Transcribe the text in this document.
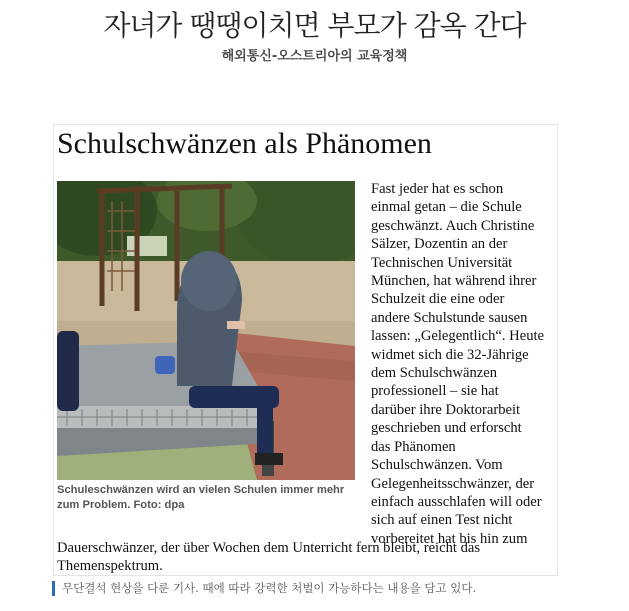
자녀가 땡땡이치면 부모가 감옥 간다
해외통신-오스트리아의 교육정책
Schulschwänzen als Phänomen
Schuleschwänzen wird an vielen Schulen immer mehr
zum Problem. Foto: dpa
Fast jeder hat es schon
einmal getan – die Schule
geschwänzt. Auch Christine
Sälzer, Dozentin an der
Technischen Universität
München, hat während ihrer
Schulzeit die eine oder
andere Schulstunde sausen
lassen: „Gelegentlich“. Heute
widmet sich die 32-Jährige
dem Schulschwänzen
professionell – sie hat
darüber ihre Doktorarbeit
geschrieben und erforscht
das Phänomen
Schulschwänzen. Vom
Gelegenheitsschwänzer, der
einfach ausschlafen will oder
sich auf einen Test nicht
vorbereitet hat bis hin zum
Dauerschwänzer, der über Wochen dem Unterricht fern bleibt, reicht das
Themenspektrum.
무단결석 현상을 다룬 기사. 때에 따라 강력한 처벌이 가능하다는 내용을 담고 있다.
